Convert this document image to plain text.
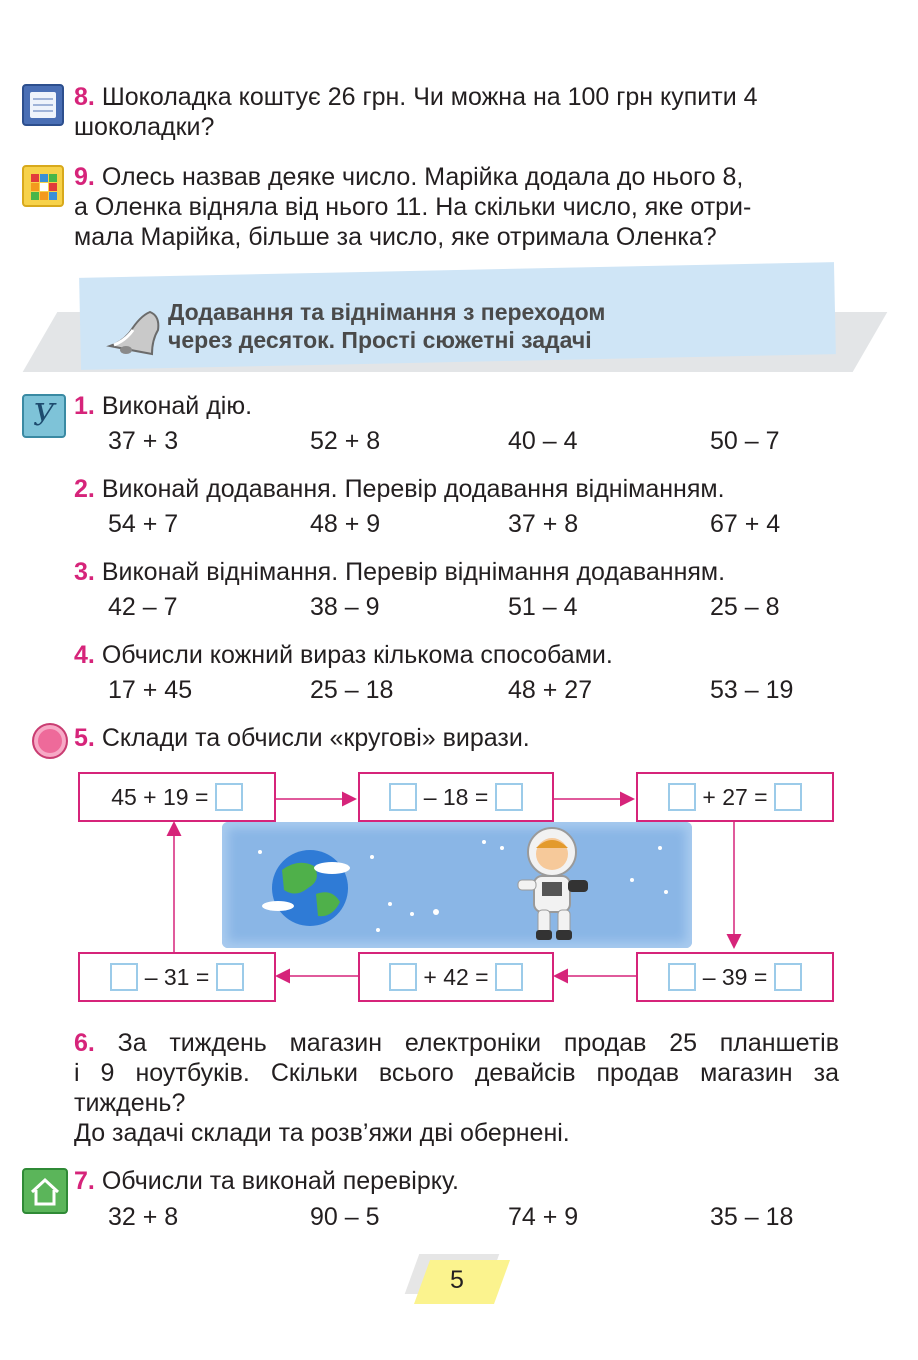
8. Шоколадка коштує 26 грн. Чи можна на 100 грн купити 4 шоколадки?
9. Олесь назвав деяке число. Марійка додала до нього 8,
а Оленка відняла від нього 11. На скільки число, яке отри-
мала Марійка, більше за число, яке отримала Оленка?
Додавання та віднімання з переходом
через десяток. Прості сюжетні задачі
У 1. Виконай дію.
37 + 3	52 + 8	40 – 4	50 – 7
2. Виконай додавання. Перевір додавання відніманням.
54 + 7	48 + 9	37 + 8	67 + 4
3. Виконай віднімання. Перевір віднімання додаванням.
42 – 7	38 – 9	51 – 4	25 – 8
4. Обчисли кожний вираз кількома способами.
17 + 45	25 – 18	48 + 27	53 – 19
5. Склади та обчисли «кругові» вирази.
45 + 19 =

	– 18 =

	+ 27 =

– 31 =

	+ 42 =

	– 39 =

6. За тиждень магазин електроніки продав 25 планшетів
і 9 ноутбуків. Скільки всього девайсів продав магазин за
тиждень?
До задачі склади та розв’яжи дві обернені.
7. Обчисли та виконай перевірку.
32 + 8	90 – 5	74 + 9	35 – 18
5
